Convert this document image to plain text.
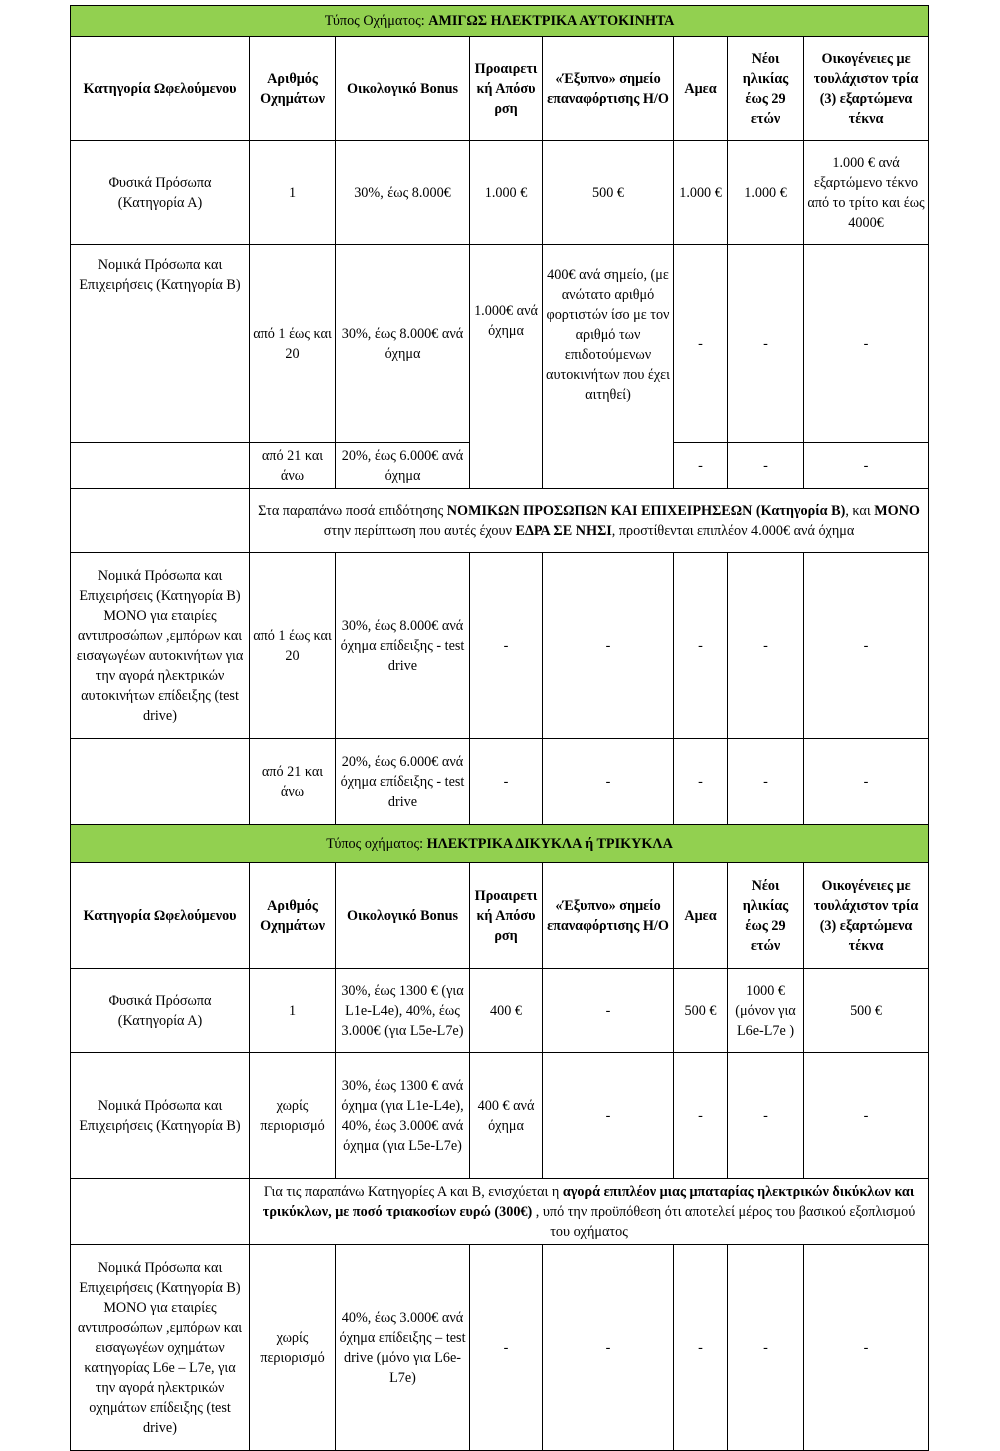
Τύπος Οχήματος: ΑΜΙΓΩΣ ΗΛΕΚΤΡΙΚΑ ΑΥΤΟΚΙΝΗΤΑ							
Κατηγορία Ωφελούμενου	Αριθμός Οχημάτων	Οικολογικό Bonus	Προαιρετική Απόσυρση	«Έξυπνο» σημείο επαναφόρτισης Η/Ο	Αμεα	Νέοι ηλικίας έως 29 ετών	Οικογένειες με τουλάχιστον τρία (3) εξαρτώμενα τέκνα
Φυσικά Πρόσωπα (Κατηγορία Α)	1	30%, έως 8.000€	1.000 €	500 €	1.000 €	1.000 €	1.000 € ανά εξαρτώμενο τέκνο από το τρίτο και έως 4000€
Νομικά Πρόσωπα και Επιχειρήσεις (Κατηγορία Β)	από 1 έως και 20	30%, έως 8.000€ ανά όχημα	1.000€ ανά όχημα	400€ ανά σημείο, (με ανώτατο αριθμό φορτιστών ίσο με τον αριθμό των επιδοτούμενων αυτοκινήτων που έχει αιτηθεί)	-	-	-
	από 21 και άνω	20%, έως 6.000€ ανά όχημα			-	-	-
	Στα παραπάνω ποσά επιδότησης ΝΟΜΙΚΩΝ ΠΡΟΣΩΠΩΝ ΚΑΙ ΕΠΙΧΕΙΡΗΣΕΩΝ (Κατηγορία Β), και ΜΟΝΟ στην περίπτωση που αυτές έχουν ΕΔΡΑ ΣΕ ΝΗΣΙ, προστίθενται επιπλέον 4.000€ ανά όχημα						
Νομικά Πρόσωπα και Επιχειρήσεις (Κατηγορία Β) ΜΟΝΟ για εταιρίες αντιπροσώπων ,εμπόρων και εισαγωγέων αυτοκινήτων για την αγορά ηλεκτρικών αυτοκινήτων επίδειξης (test drive)	από 1 έως και 20	30%, έως 8.000€ ανά όχημα επίδειξης - test drive	-	-	-	-	-
	από 21 και άνω	20%, έως 6.000€ ανά όχημα επίδειξης - test drive	-	-	-	-	-
Τύπος οχήματος: ΗΛΕΚΤΡΙΚΑ ΔΙΚΥΚΛΑ ή ΤΡΙΚΥΚΛΑ							
Κατηγορία Ωφελούμενου	Αριθμός Οχημάτων	Οικολογικό Bonus	Προαιρετική Απόσυρση	«Έξυπνο» σημείο επαναφόρτισης Η/Ο	Αμεα	Νέοι ηλικίας έως 29 ετών	Οικογένειες με τουλάχιστον τρία (3) εξαρτώμενα τέκνα
Φυσικά Πρόσωπα (Κατηγορία Α)	1	30%, έως 1300 € (για L1e-L4e), 40%, έως 3.000€ (για L5e-L7e)	400 €	-	500 €	1000 € (μόνον για L6e-L7e )	500 €
Νομικά Πρόσωπα και Επιχειρήσεις (Κατηγορία Β)	χωρίς περιορισμό	30%, έως 1300 € ανά όχημα (για L1e-L4e), 40%, έως 3.000€ ανά όχημα (για L5e-L7e)	400 € ανά όχημα	-	-	-	-
	Για τις παραπάνω Κατηγορίες Α και Β, ενισχύεται η αγορά επιπλέον μιας μπαταρίας ηλεκτρικών δικύκλων και τρικύκλων, με ποσό τριακοσίων ευρώ (300€) , υπό την προϋπόθεση ότι αποτελεί μέρος του βασικού εξοπλισμού του οχήματος						
Νομικά Πρόσωπα και Επιχειρήσεις (Κατηγορία Β) ΜΟΝΟ για εταιρίες αντιπροσώπων ,εμπόρων και εισαγωγέων οχημάτων κατηγορίας L6e – L7e, για την αγορά ηλεκτρικών οχημάτων επίδειξης (test drive)	χωρίς περιορισμό	40%, έως 3.000€ ανά όχημα επίδειξης – test drive (μόνο για L6e-L7e)	-	-	-	-	-
